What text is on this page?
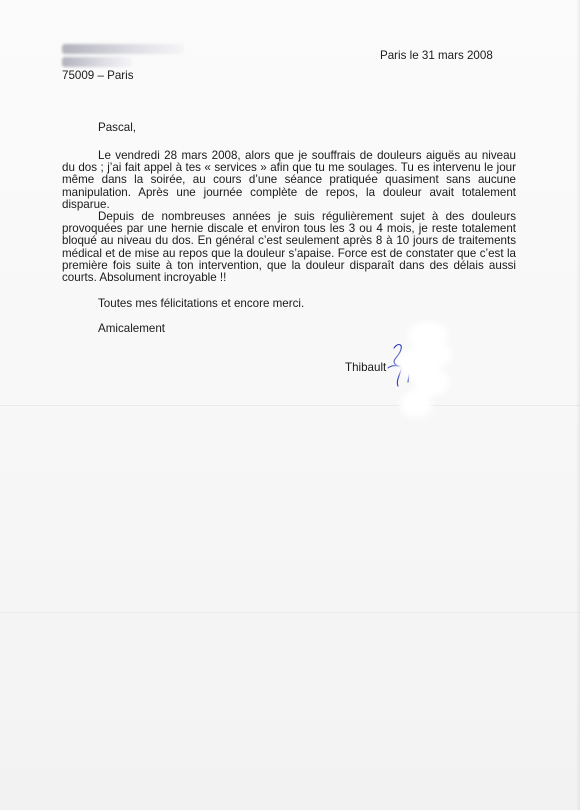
75009 – Paris
Paris le 31 mars 2008
Pascal,

Le vendredi 28 mars 2008, alors que je souffrais de douleurs aiguës au niveau du dos ; j’ai fait appel à tes « services » afin que tu me soulages. Tu es intervenu le jour même dans la soirée, au cours d’une séance pratiquée quasiment sans aucune manipulation. Après une journée complète de repos, la douleur avait totalement disparue.

Depuis de nombreuses années je suis régulièrement sujet à des douleurs provoquées par une hernie discale et environ tous les 3 ou 4 mois, je reste totalement bloqué au niveau du dos. En général c’est seulement après 8 à 10 jours de traitements médical et de mise au repos que la douleur s’apaise. Force est de constater que c’est la première fois suite à ton intervention, que la douleur disparaît dans des délais aussi courts. Absolument incroyable !!

Toutes mes félicitations et encore merci.
Amicalement
Thibault
